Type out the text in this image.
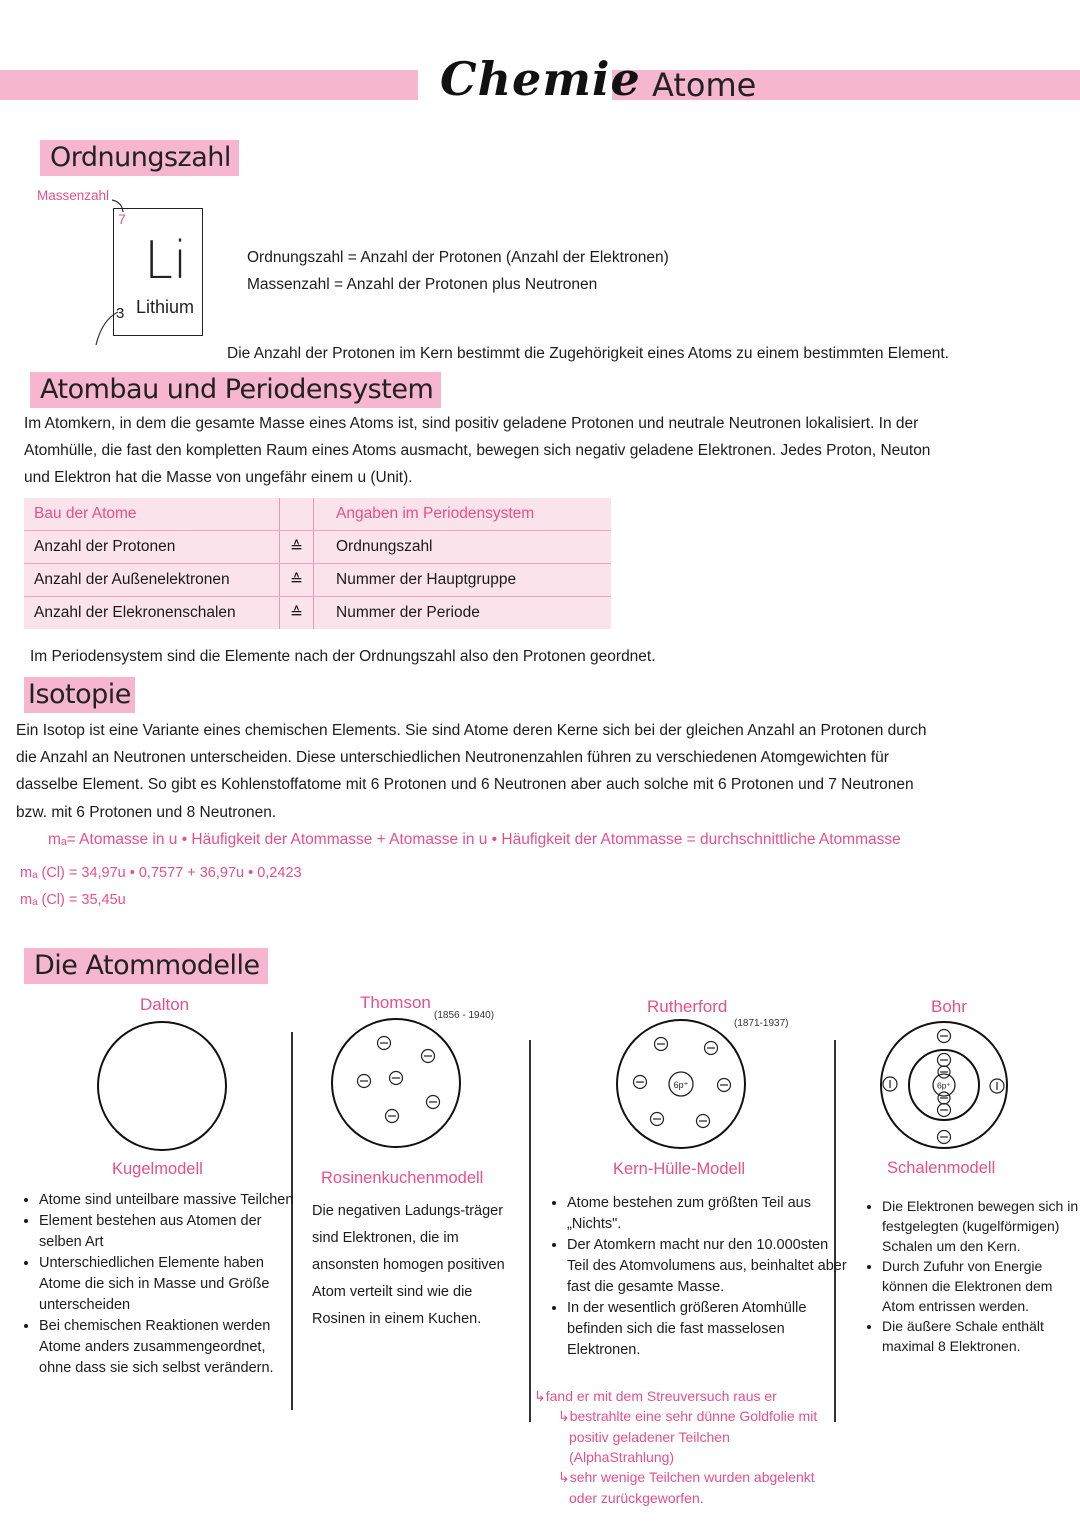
Chemie Atome
Ordnungszahl
Massenzahl
7
Li
3 Lithium
Ordnungszahl = Anzahl der Protonen (Anzahl der Elektronen)
Massenzahl = Anzahl der Protonen plus Neutronen
Die Anzahl der Protonen im Kern bestimmt die Zugehörigkeit eines Atoms zu einem bestimmten Element.
Atombau und Periodensystem
Im Atomkern, in dem die gesamte Masse eines Atoms ist, sind positiv geladene Protonen und neutrale Neutronen lokalisiert. In der
Atomhülle, die fast den kompletten Raum eines Atoms ausmacht, bewegen sich negativ geladene Elektronen. Jedes Proton, Neuton
und Elektron hat die Masse von ungefähr einem u (Unit).
Bau der Atome		Angaben im Periodensystem
Anzahl der Protonen	≙	Ordnungszahl
Anzahl der Außenelektronen	≙	Nummer der Hauptgruppe
Anzahl der Elekronenschalen	≙	Nummer der Periode
Im Periodensystem sind die Elemente nach der Ordnungszahl also den Protonen geordnet.
Isotopie
Ein Isotop ist eine Variante eines chemischen Elements. Sie sind Atome deren Kerne sich bei der gleichen Anzahl an Protonen durch
die Anzahl an Neutronen unterscheiden. Diese unterschiedlichen Neutronenzahlen führen zu verschiedenen Atomgewichten für
dasselbe Element. So gibt es Kohlenstoffatome mit 6 Protonen und 6 Neutronen aber auch solche mit 6 Protonen und 7 Neutronen
bzw. mit 6 Protonen und 8 Neutronen.
mₐ= Atomasse in u • Häufigkeit der Atommasse + Atomasse in u • Häufigkeit der Atommasse = durchschnittliche Atommasse
mₐ (Cl) = 34,97u • 0,7577 + 36,97u • 0,2423
mₐ (Cl) = 35,45u
Die Atommodelle
Dalton
Kugelmodell
• Atome sind unteilbare massive Teilchen
• Element bestehen aus Atomen der selben Art
• Unterschiedlichen Elemente haben Atome die sich in Masse und Größe unterscheiden
• Bei chemischen Reaktionen werden Atome anders zusammengeordnet, ohne dass sie sich selbst verändern.
Thomson
(1856 - 1940)
Rosinenkuchenmodell
Die negativen Ladungs-träger
sind Elektronen, die im
ansonsten homogen positiven
Atom verteilt sind wie die
Rosinen in einem Kuchen.
Rutherford
(1871-1937)
6p⁺
Kern-Hülle-Modell
• Atome bestehen zum größten Teil aus „Nichts".
• Der Atomkern macht nur den 10.000sten Teil des Atomvolumens aus, beinhaltet aber fast die gesamte Masse.
• In der wesentlich größeren Atomhülle befinden sich die fast masselosen Elektronen.
↳fand er mit dem Streuversuch raus er
↳bestrahlte eine sehr dünne Goldfolie mit
positiv geladener Teilchen
(AlphaStrahlung)
↳sehr wenige Teilchen wurden abgelenkt
oder zurückgeworfen.
Bohr
6p⁺
Schalenmodell
• Die Elektronen bewegen sich in festgelegten (kugelförmigen) Schalen um den Kern.
• Durch Zufuhr von Energie können die Elektronen dem Atom entrissen werden.
• Die äußere Schale enthält maximal 8 Elektronen.
